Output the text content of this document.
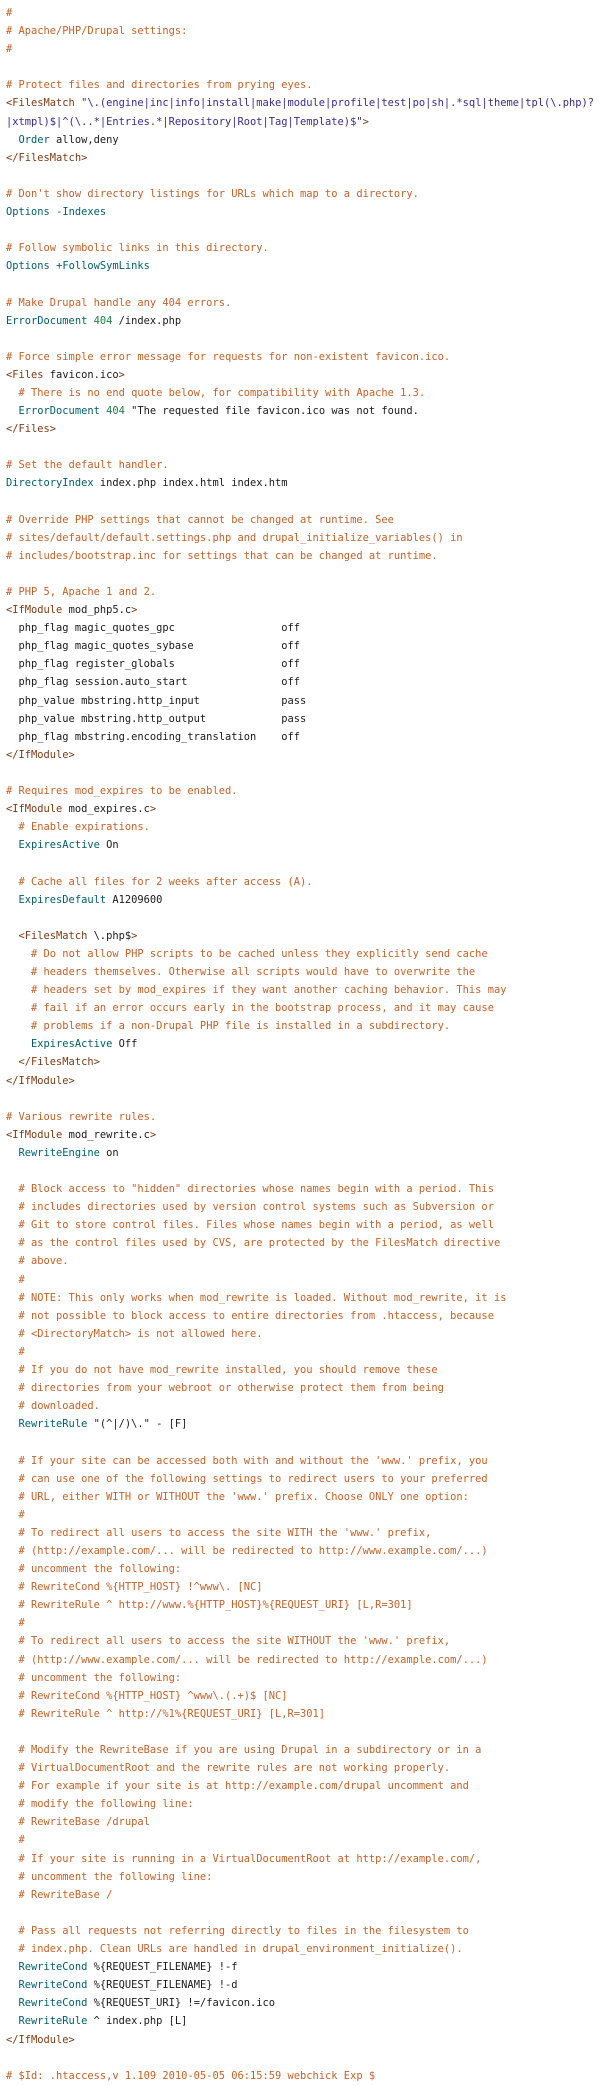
#
# Apache/PHP/Drupal settings:
#

# Protect files and directories from prying eyes.
<FilesMatch "\.(engine|inc|info|install|make|module|profile|test|po|sh|.*sql|theme|tpl(\.php)?
|xtmpl)$|^(\..*|Entries.*|Repository|Root|Tag|Template)$">
Order allow,deny
</FilesMatch>

# Don't show directory listings for URLs which map to a directory.
Options -Indexes

# Follow symbolic links in this directory.
Options +FollowSymLinks

# Make Drupal handle any 404 errors.
ErrorDocument 404 /index.php

# Force simple error message for requests for non-existent favicon.ico.
<Files favicon.ico>
# There is no end quote below, for compatibility with Apache 1.3.
ErrorDocument 404 "The requested file favicon.ico was not found.
</Files>

# Set the default handler.
DirectoryIndex index.php index.html index.htm

# Override PHP settings that cannot be changed at runtime. See
# sites/default/default.settings.php and drupal_initialize_variables() in
# includes/bootstrap.inc for settings that can be changed at runtime.

# PHP 5, Apache 1 and 2.
<IfModule mod_php5.c>
php_flag magic_quotes_gpc                 off
php_flag magic_quotes_sybase              off
php_flag register_globals                 off
php_flag session.auto_start               off
php_value mbstring.http_input             pass
php_value mbstring.http_output            pass
php_flag mbstring.encoding_translation    off
</IfModule>

# Requires mod_expires to be enabled.
<IfModule mod_expires.c>
# Enable expirations.
ExpiresActive On

# Cache all files for 2 weeks after access (A).
ExpiresDefault A1209600

<FilesMatch \.php$>
# Do not allow PHP scripts to be cached unless they explicitly send cache
# headers themselves. Otherwise all scripts would have to overwrite the
# headers set by mod_expires if they want another caching behavior. This may
# fail if an error occurs early in the bootstrap process, and it may cause
# problems if a non-Drupal PHP file is installed in a subdirectory.
ExpiresActive Off
</FilesMatch>
</IfModule>

# Various rewrite rules.
<IfModule mod_rewrite.c>
RewriteEngine on

# Block access to "hidden" directories whose names begin with a period. This
# includes directories used by version control systems such as Subversion or
# Git to store control files. Files whose names begin with a period, as well
# as the control files used by CVS, are protected by the FilesMatch directive
# above.
#
# NOTE: This only works when mod_rewrite is loaded. Without mod_rewrite, it is
# not possible to block access to entire directories from .htaccess, because
# <DirectoryMatch> is not allowed here.
#
# If you do not have mod_rewrite installed, you should remove these
# directories from your webroot or otherwise protect them from being
# downloaded.
RewriteRule "(^|/)\." - [F]

# If your site can be accessed both with and without the 'www.' prefix, you
# can use one of the following settings to redirect users to your preferred
# URL, either WITH or WITHOUT the 'www.' prefix. Choose ONLY one option:
#
# To redirect all users to access the site WITH the 'www.' prefix,
# (http://example.com/... will be redirected to http://www.example.com/...)
# uncomment the following:
# RewriteCond %{HTTP_HOST} !^www\. [NC]
# RewriteRule ^ http://www.%{HTTP_HOST}%{REQUEST_URI} [L,R=301]
#
# To redirect all users to access the site WITHOUT the 'www.' prefix,
# (http://www.example.com/... will be redirected to http://example.com/...)
# uncomment the following:
# RewriteCond %{HTTP_HOST} ^www\.(.+)$ [NC]
# RewriteRule ^ http://%1%{REQUEST_URI} [L,R=301]

# Modify the RewriteBase if you are using Drupal in a subdirectory or in a
# VirtualDocumentRoot and the rewrite rules are not working properly.
# For example if your site is at http://example.com/drupal uncomment and
# modify the following line:
# RewriteBase /drupal
#
# If your site is running in a VirtualDocumentRoot at http://example.com/,
# uncomment the following line:
# RewriteBase /

# Pass all requests not referring directly to files in the filesystem to
# index.php. Clean URLs are handled in drupal_environment_initialize().
RewriteCond %{REQUEST_FILENAME} !-f
RewriteCond %{REQUEST_FILENAME} !-d
RewriteCond %{REQUEST_URI} !=/favicon.ico
RewriteRule ^ index.php [L]
</IfModule>

# $Id: .htaccess,v 1.109 2010-05-05 06:15:59 webchick Exp $
